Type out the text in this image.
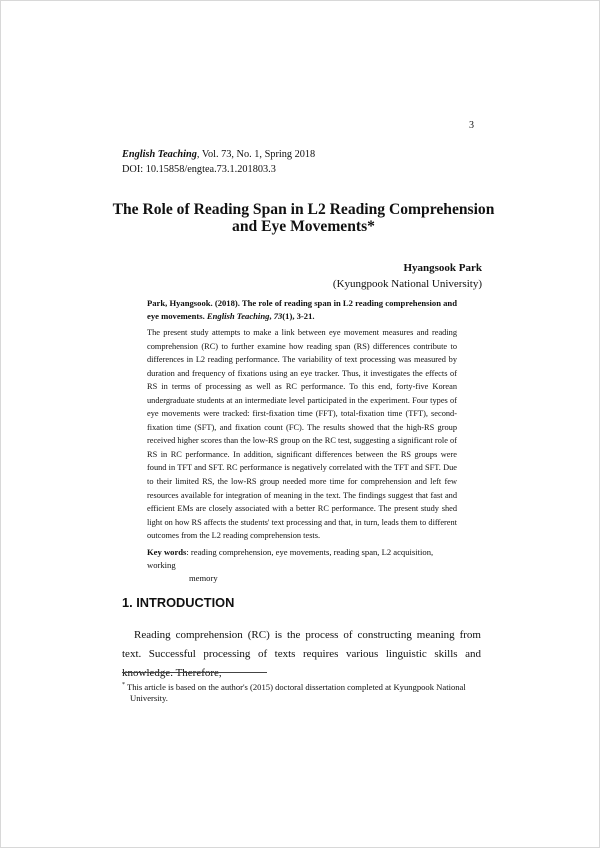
3
English Teaching, Vol. 73, No. 1, Spring 2018
DOI: 10.15858/engtea.73.1.201803.3
The Role of Reading Span in L2 Reading Comprehension and Eye Movements*
Hyangsook Park
(Kyungpook National University)
Park, Hyangsook. (2018). The role of reading span in L2 reading comprehension and eye movements. English Teaching, 73(1), 3-21.
The present study attempts to make a link between eye movement measures and reading comprehension (RC) to further examine how reading span (RS) differences contribute to differences in L2 reading performance. The variability of text processing was measured by duration and frequency of fixations using an eye tracker. Thus, it investigates the effects of RS in terms of processing as well as RC performance. To this end, forty-five Korean undergraduate students at an intermediate level participated in the experiment. Four types of eye movements were tracked: first-fixation time (FFT), total-fixation time (TFT), second-fixation time (SFT), and fixation count (FC). The results showed that the high-RS group received higher scores than the low-RS group on the RC test, suggesting a significant role of RS in RC performance. In addition, significant differences between the RS groups were found in TFT and SFT. RC performance is negatively correlated with the TFT and SFT. Due to their limited RS, the low-RS group needed more time for comprehension and left few resources available for integration of meaning in the text. The findings suggest that fast and efficient EMs are closely associated with a better RC performance. The present study shed light on how RS affects the students' text processing and that, in turn, leads them to different outcomes from the L2 reading comprehension tests.
Key words: reading comprehension, eye movements, reading span, L2 acquisition, working
memory
1. INTRODUCTION
Reading comprehension (RC) is the process of constructing meaning from text. Successful processing of texts requires various linguistic skills and knowledge. Therefore,
* This article is based on the author's (2015) doctoral dissertation completed at Kyungpook National University.
